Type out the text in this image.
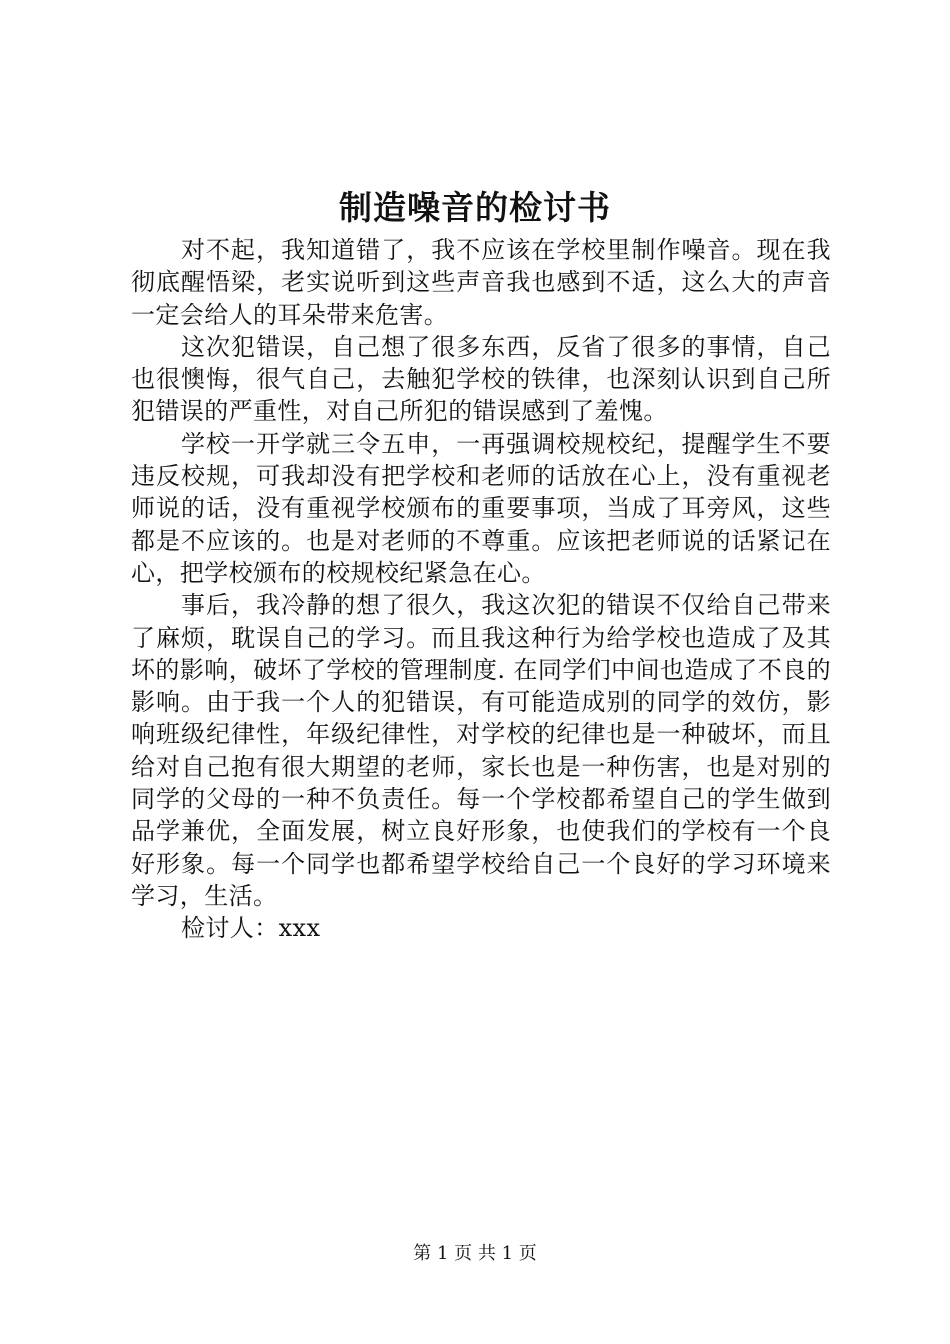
制造噪音的检讨书

对不起，我知道错了，我不应该在学校里制作噪音。现在我彻底醒悟梁，老实说听到这些声音我也感到不适，这么大的声音一定会给人的耳朵带来危害。

这次犯错误，自己想了很多东西，反省了很多的事情，自己也很懊悔，很气自己，去触犯学校的铁律，也深刻认识到自己所犯错误的严重性，对自己所犯的错误感到了羞愧。

学校一开学就三令五申，一再强调校规校纪，提醒学生不要违反校规，可我却没有把学校和老师的话放在心上，没有重视老师说的话，没有重视学校颁布的重要事项，当成了耳旁风，这些都是不应该的。也是对老师的不尊重。应该把老师说的话紧记在心，把学校颁布的校规校纪紧急在心。

事后，我冷静的想了很久，我这次犯的错误不仅给自己带来了麻烦，耽误自己的学习。而且我这种行为给学校也造成了及其坏的影响，破坏了学校的管理制度. 在同学们中间也造成了不良的影响。由于我一个人的犯错误，有可能造成别的同学的效仿，影响班级纪律性，年级纪律性，对学校的纪律也是一种破坏，而且给对自己抱有很大期望的老师，家长也是一种伤害，也是对别的同学的父母的一种不负责任。每一个学校都希望自己的学生做到品学兼优，全面发展，树立良好形象，也使我们的学校有一个良好形象。每一个同学也都希望学校给自己一个良好的学习环境来学习，生活。

检讨人：xxx

第 1 页 共 1 页
